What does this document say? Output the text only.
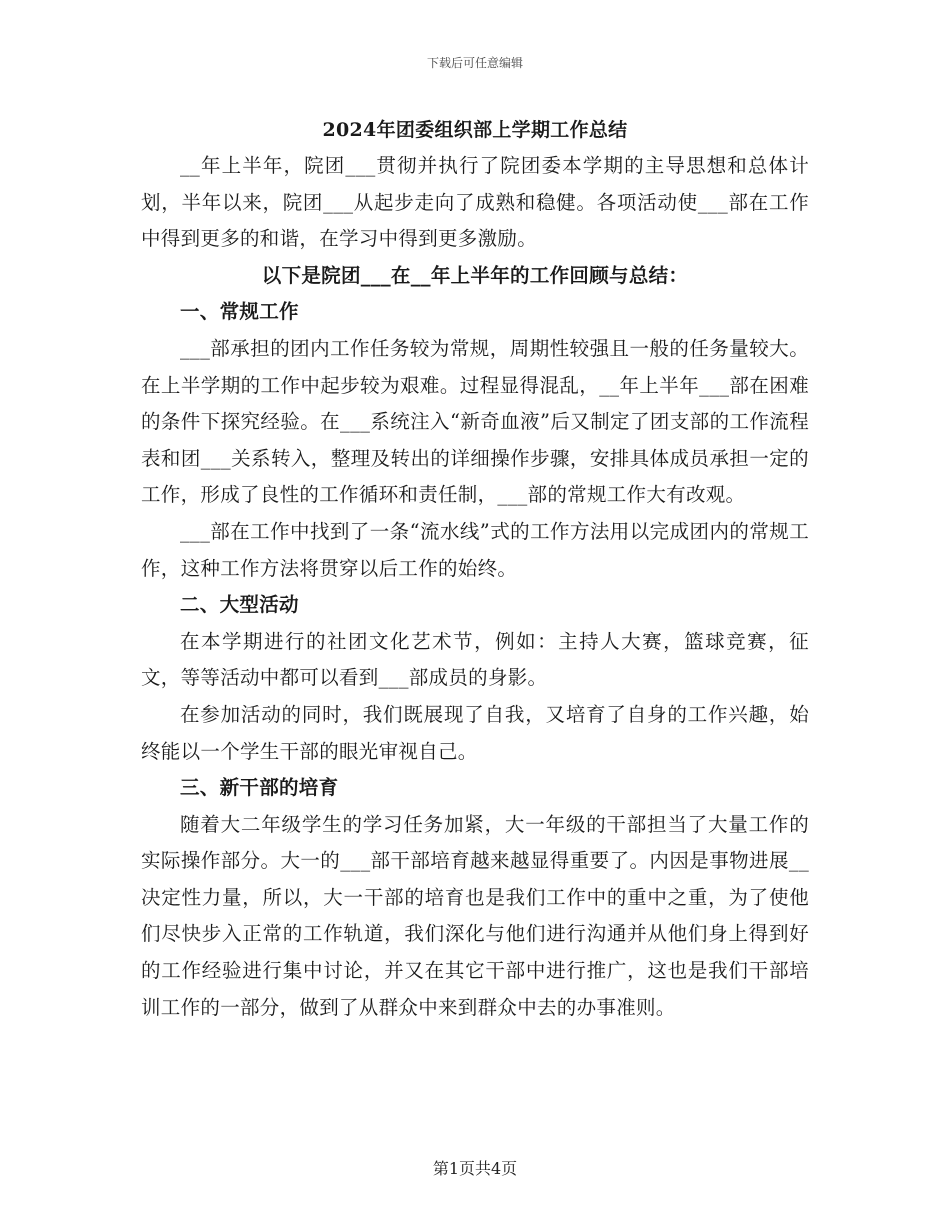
下载后可任意编辑

2024年团委组织部上学期工作总结

__年上半年，院团___贯彻并执行了院团委本学期的主导思想和总体计划，半年以来，院团___从起步走向了成熟和稳健。各项活动使___部在工作中得到更多的和谐，在学习中得到更多激励。

以下是院团___在__年上半年的工作回顾与总结：

一、常规工作

___部承担的团内工作任务较为常规，周期性较强且一般的任务量较大。在上半学期的工作中起步较为艰难。过程显得混乱，__年上半年___部在困难的条件下探究经验。在___系统注入“新奇血液”后又制定了团支部的工作流程表和团___关系转入，整理及转出的详细操作步骤，安排具体成员承担一定的工作，形成了良性的工作循环和责任制，___部的常规工作大有改观。

___部在工作中找到了一条“流水线”式的工作方法用以完成团内的常规工作，这种工作方法将贯穿以后工作的始终。

二、大型活动

在本学期进行的社团文化艺术节，例如：主持人大赛，篮球竞赛，征文，等等活动中都可以看到___部成员的身影。

在参加活动的同时，我们既展现了自我，又培育了自身的工作兴趣，始终能以一个学生干部的眼光审视自己。

三、新干部的培育

随着大二年级学生的学习任务加紧，大一年级的干部担当了大量工作的实际操作部分。大一的___部干部培育越来越显得重要了。内因是事物进展__决定性力量，所以，大一干部的培育也是我们工作中的重中之重，为了使他们尽快步入正常的工作轨道，我们深化与他们进行沟通并从他们身上得到好的工作经验进行集中讨论，并又在其它干部中进行推广，这也是我们干部培训工作的一部分，做到了从群众中来到群众中去的办事准则。

第1页共4页
